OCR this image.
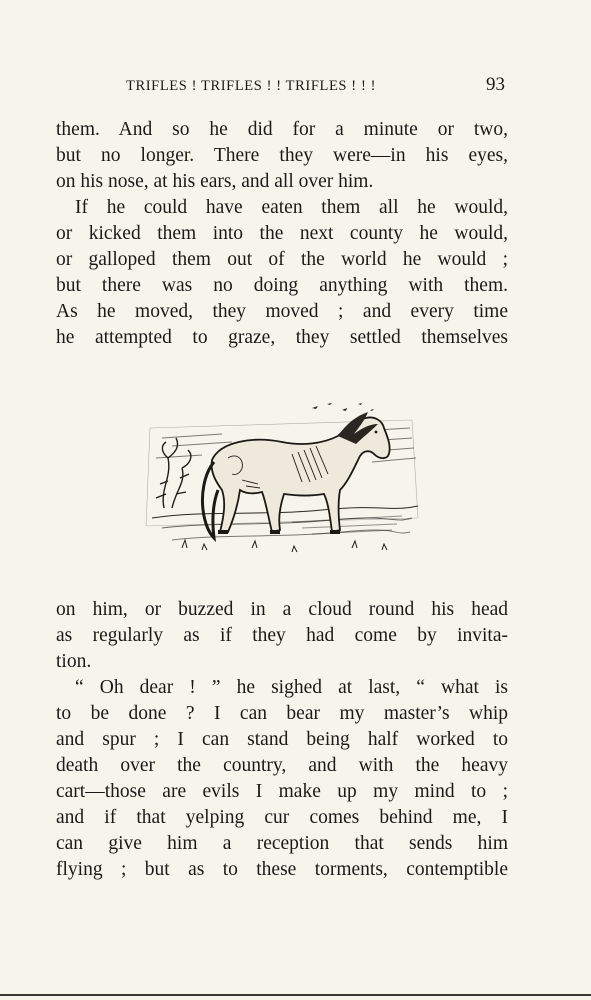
TRIFLES ! TRIFLES ! ! TRIFLES ! ! !	93
them. And so he did for a minute or two,
but no longer. There they were—in his eyes,
on his nose, at his ears, and all over him.
If he could have eaten them all he would,
or kicked them into the next county he would,
or galloped them out of the world he would ;
but there was no doing anything with them.
As he moved, they moved ; and every time
he attempted to graze, they settled themselves
on him, or buzzed in a cloud round his head
as regularly as if they had come by invita-
tion.
“ Oh dear ! ” he sighed at last, “ what is
to be done ? I can bear my master’s whip
and spur ; I can stand being half worked to
death over the country, and with the heavy
cart—those are evils I make up my mind to ;
and if that yelping cur comes behind me, I
can give him a reception that sends him
flying ; but as to these torments, contemptible
